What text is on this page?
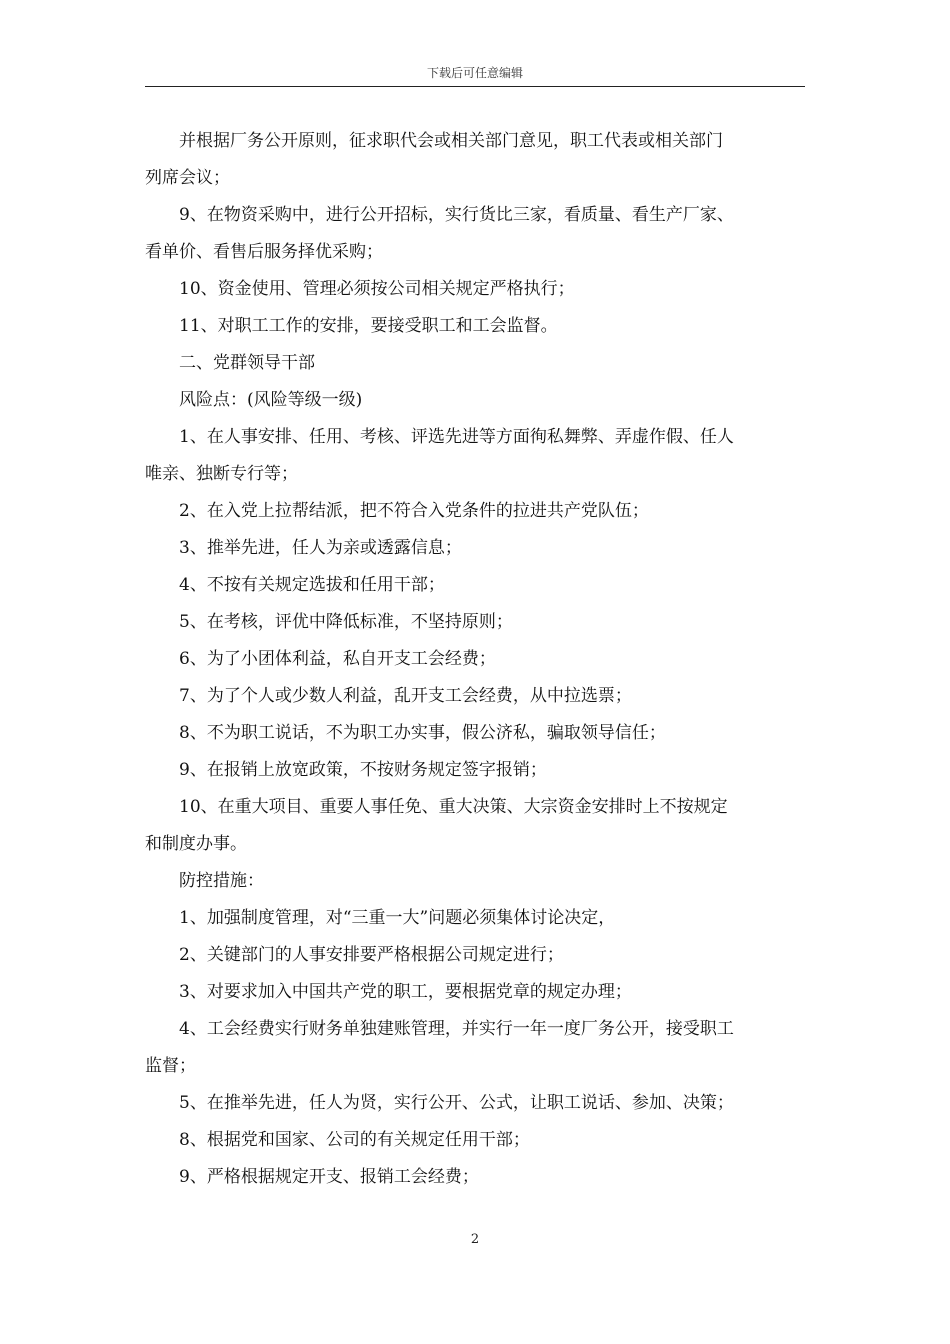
下载后可任意编辑
并根据厂务公开原则，征求职代会或相关部门意见，职工代表或相关部门
列席会议；
9、在物资采购中，进行公开招标，实行货比三家，看质量、看生产厂家、
看单价、看售后服务择优采购；
10、资金使用、管理必须按公司相关规定严格执行；
11、对职工工作的安排，要接受职工和工会监督。
二、党群领导干部
风险点：(风险等级一级)
1、在人事安排、任用、考核、评选先进等方面徇私舞弊、弄虚作假、任人
唯亲、独断专行等；
2、在入党上拉帮结派，把不符合入党条件的拉进共产党队伍；
3、推举先进，任人为亲或透露信息；
4、不按有关规定选拔和任用干部；
5、在考核，评优中降低标准，不坚持原则；
6、为了小团体利益，私自开支工会经费；
7、为了个人或少数人利益，乱开支工会经费，从中拉选票；
8、不为职工说话，不为职工办实事，假公济私，骗取领导信任；
9、在报销上放宽政策，不按财务规定签字报销；
10、在重大项目、重要人事任免、重大决策、大宗资金安排时上不按规定
和制度办事。
防控措施：
1、加强制度管理，对“三重一大”问题必须集体讨论决定，
2、关键部门的人事安排要严格根据公司规定进行；
3、对要求加入中国共产党的职工，要根据党章的规定办理；
4、工会经费实行财务单独建账管理，并实行一年一度厂务公开，接受职工
监督；
5、在推举先进，任人为贤，实行公开、公式，让职工说话、参加、决策；
8、根据党和国家、公司的有关规定任用干部；
9、严格根据规定开支、报销工会经费；
2
